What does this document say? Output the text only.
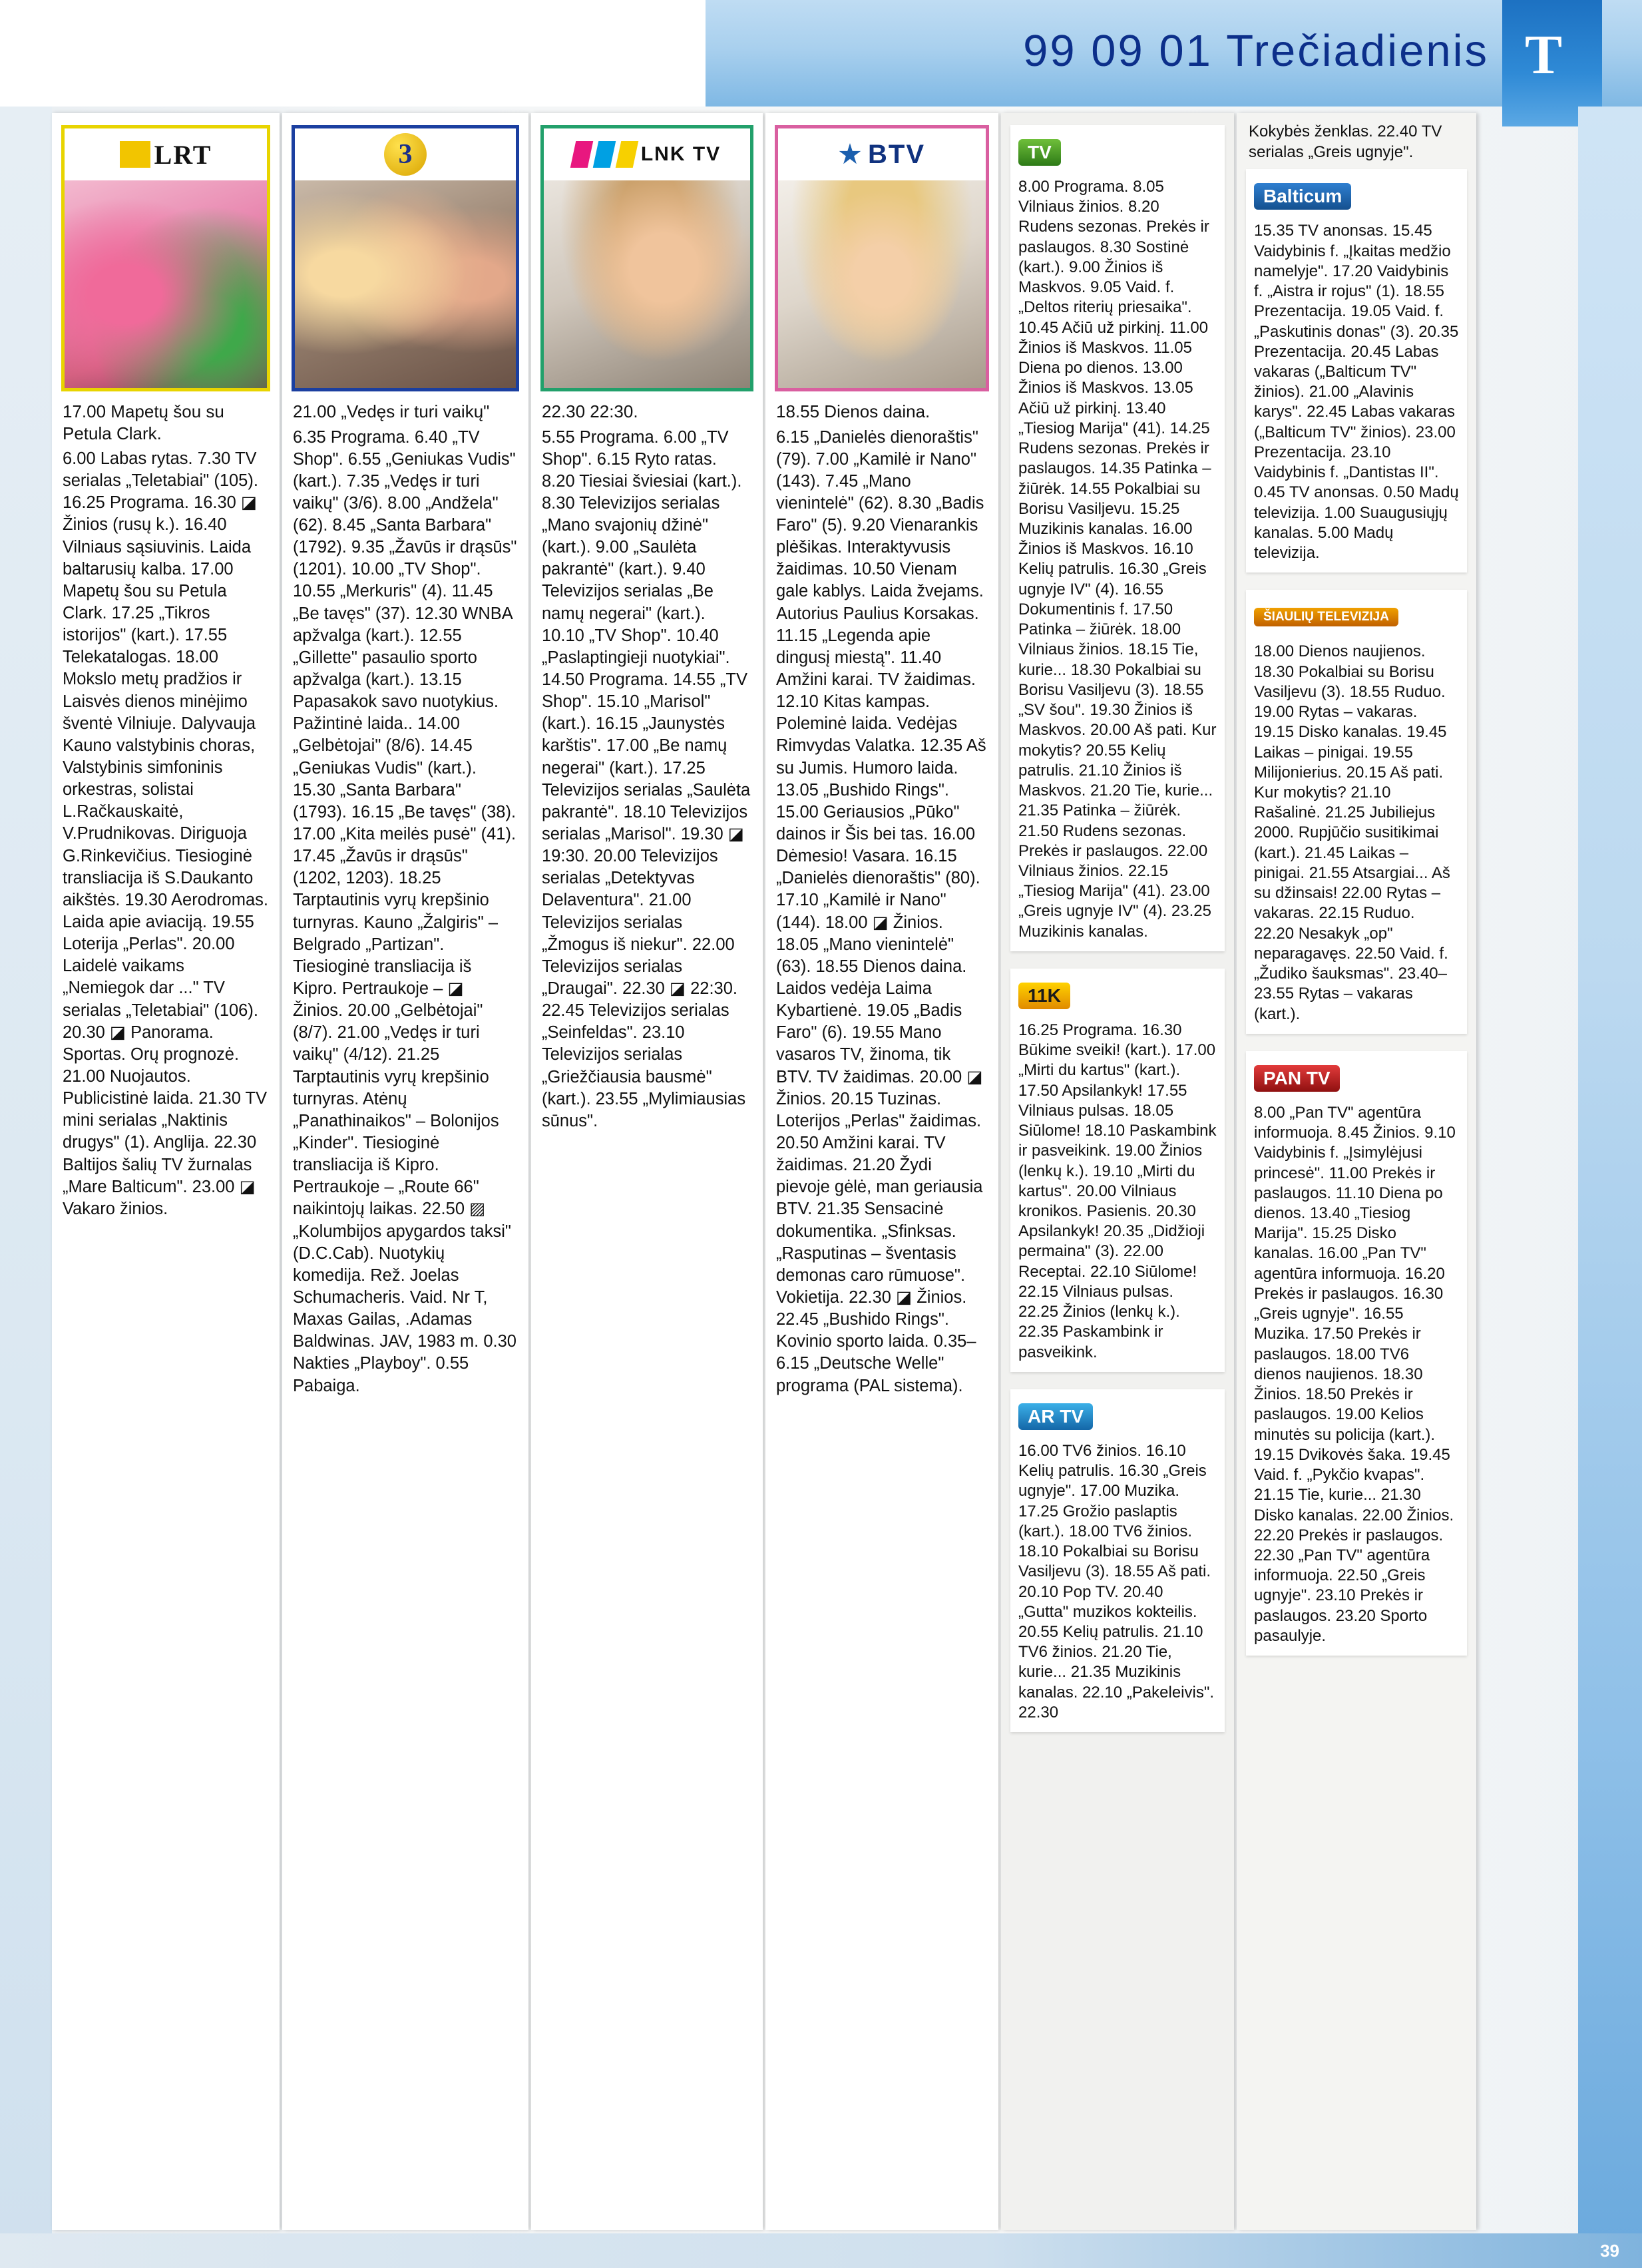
99 09 01 Trečiadienis T
LRT
17.00 Mapetų šou su Petula Clark.
6.00 Labas rytas. 7.30 TV serialas „Teletabiai" (105). 16.25 Programa. 16.30 ◪ Žinios (rusų k.). 16.40 Vilniaus sąsiuvinis. Laida baltarusių kalba. 17.00 Mapetų šou su Petula Clark. 17.25 „Tikros istorijos" (kart.). 17.55 Telekatalogas. 18.00 Mokslo metų pradžios ir Laisvės dienos minėjimo šventė Vilniuje. Dalyvauja Kauno valstybinis choras, Valstybinis simfoninis orkestras, solistai L.Račkauskaitė, V.Prudnikovas. Diriguoja G.Rinkevičius. Tiesioginė transliacija iš S.Daukanto aikštės. 19.30 Aerodromas. Laida apie aviaciją. 19.55 Loterija „Perlas". 20.00 Laidelė vaikams „Nemiegok dar ..." TV serialas „Teletabiai" (106). 20.30 ◪ Panorama. Sportas. Orų prognozė. 21.00 Nuojautos. Publicistinė laida. 21.30 TV mini serialas „Naktinis drugys" (1). Anglija. 22.30 Baltijos šalių TV žurnalas „Mare Balticum". 23.00 ◪ Vakaro žinios.
3
21.00 „Vedęs ir turi vaikų"
6.35 Programa. 6.40 „TV Shop". 6.55 „Geniukas Vudis" (kart.). 7.35 „Vedęs ir turi vaikų" (3/6). 8.00 „Andžela" (62). 8.45 „Santa Barbara" (1792). 9.35 „Žavūs ir drąsūs" (1201). 10.00 „TV Shop". 10.55 „Merkuris" (4). 11.45 „Be tavęs" (37). 12.30 WNBA apžvalga (kart.). 12.55 „Gillette" pasaulio sporto apžvalga (kart.). 13.15 Papasakok savo nuotykius. Pažintinė laida.. 14.00 „Gelbėtojai" (8/6). 14.45 „Geniukas Vudis" (kart.). 15.30 „Santa Barbara" (1793). 16.15 „Be tavęs" (38). 17.00 „Kita meilės pusė" (41). 17.45 „Žavūs ir drąsūs" (1202, 1203). 18.25 Tarptautinis vyrų krepšinio turnyras. Kauno „Žalgiris" – Belgrado „Partizan". Tiesioginė transliacija iš Kipro. Pertraukoje – ◪ Žinios. 20.00 „Gelbėtojai" (8/7). 21.00 „Vedęs ir turi vaikų" (4/12). 21.25 Tarptautinis vyrų krepšinio turnyras. Atėnų „Panathinaikos" – Bolonijos „Kinder". Tiesioginė transliacija iš Kipro. Pertraukoje – „Route 66" naikintojų laikas. 22.50 ▨ „Kolumbijos apygardos taksi" (D.C.Cab). Nuotykių komedija. Rež. Joelas Schumacheris. Vaid. Nr T, Maxas Gailas, .Adamas Baldwinas. JAV, 1983 m. 0.30 Nakties „Playboy". 0.55 Pabaiga.
LNK TV
22.30 22:30.
5.55 Programa. 6.00 „TV Shop". 6.15 Ryto ratas. 8.20 Tiesiai šviesiai (kart.). 8.30 Televizijos serialas „Mano svajonių džinė" (kart.). 9.00 „Saulėta pakrantė" (kart.). 9.40 Televizijos serialas „Be namų negerai" (kart.). 10.10 „TV Shop". 10.40 „Paslaptingieji nuotykiai". 14.50 Programa. 14.55 „TV Shop". 15.10 „Marisol" (kart.). 16.15 „Jaunystės karštis". 17.00 „Be namų negerai" (kart.). 17.25 Televizijos serialas „Saulėta pakrantė". 18.10 Televizijos serialas „Marisol". 19.30 ◪ 19:30. 20.00 Televizijos serialas „Detektyvas Delaventura". 21.00 Televizijos serialas „Žmogus iš niekur". 22.00 Televizijos serialas „Draugai". 22.30 ◪ 22:30. 22.45 Televizijos serialas „Seinfeldas". 23.10 Televizijos serialas „Griežčiausia bausmė" (kart.). 23.55 „Mylimiausias sūnus".
BTV
18.55 Dienos daina.
6.15 „Danielės dienoraštis" (79). 7.00 „Kamilė ir Nano" (143). 7.45 „Mano vienintelė" (62). 8.30 „Badis Faro" (5). 9.20 Vienarankis plėšikas. Interaktyvusis žaidimas. 10.50 Vienam gale kablys. Laida žvejams. Autorius Paulius Korsakas. 11.15 „Legenda apie dingusį miestą". 11.40 Amžini karai. TV žaidimas. 12.10 Kitas kampas. Poleminė laida. Vedėjas Rimvydas Valatka. 12.35 Aš su Jumis. Humoro laida. 13.05 „Bushido Rings". 15.00 Geriausios „Pūko" dainos ir Šis bei tas. 16.00 Dėmesio! Vasara. 16.15 „Danielės dienoraštis" (80). 17.10 „Kamilė ir Nano" (144). 18.00 ◪ Žinios. 18.05 „Mano vienintelė" (63). 18.55 Dienos daina. Laidos vedėja Laima Kybartienė. 19.05 „Badis Faro" (6). 19.55 Mano vasaros TV, žinoma, tik BTV. TV žaidimas. 20.00 ◪ Žinios. 20.15 Tuzinas. Loterijos „Perlas" žaidimas. 20.50 Amžini karai. TV žaidimas. 21.20 Žydi pievoje gėlė, man geriausia BTV. 21.35 Sensacinė dokumentika. „Sfinksas. „Rasputinas – šventasis demonas caro rūmuose". Vokietija. 22.30 ◪ Žinios. 22.45 „Bushido Rings". Kovinio sporto laida. 0.35–6.15 „Deutsche Welle" programa (PAL sistema).
TV
8.00 Programa. 8.05 Vilniaus žinios. 8.20 Rudens sezonas. Prekės ir paslaugos. 8.30 Sostinė (kart.). 9.00 Žinios iš Maskvos. 9.05 Vaid. f. „Deltos riterių priesaika". 10.45 Ačiū už pirkinį. 11.00 Žinios iš Maskvos. 11.05 Diena po dienos. 13.00 Žinios iš Maskvos. 13.05 Ačiū už pirkinį. 13.40 „Tiesiog Marija" (41). 14.25 Rudens sezonas. Prekės ir paslaugos. 14.35 Patinka – žiūrėk. 14.55 Pokalbiai su Borisu Vasiljevu. 15.25 Muzikinis kanalas. 16.00 Žinios iš Maskvos. 16.10 Kelių patrulis. 16.30 „Greis ugnyje IV" (4). 16.55 Dokumentinis f. 17.50 Patinka – žiūrėk. 18.00 Vilniaus žinios. 18.15 Tie, kurie... 18.30 Pokalbiai su Borisu Vasiljevu (3). 18.55 „SV šou". 19.30 Žinios iš Maskvos. 20.00 Aš pati. Kur mokytis? 20.55 Kelių patrulis. 21.10 Žinios iš Maskvos. 21.20 Tie, kurie... 21.35 Patinka – žiūrėk. 21.50 Rudens sezonas. Prekės ir paslaugos. 22.00 Vilniaus žinios. 22.15 „Tiesiog Marija" (41). 23.00 „Greis ugnyje IV" (4). 23.25 Muzikinis kanalas.
11K
16.25 Programa. 16.30 Būkime sveiki! (kart.). 17.00 „Mirti du kartus" (kart.). 17.50 Apsilankyk! 17.55 Vilniaus pulsas. 18.05 Siūlome! 18.10 Paskambink ir pasveikink. 19.00 Žinios (lenkų k.). 19.10 „Mirti du kartus". 20.00 Vilniaus kronikos. Pasienis. 20.30 Apsilankyk! 20.35 „Didžioji permaina" (3). 22.00 Receptai. 22.10 Siūlome! 22.15 Vilniaus pulsas. 22.25 Žinios (lenkų k.). 22.35 Paskambink ir pasveikink.
AR TV
16.00 TV6 žinios. 16.10 Kelių patrulis. 16.30 „Greis ugnyje". 17.00 Muzika. 17.25 Grožio paslaptis (kart.). 18.00 TV6 žinios. 18.10 Pokalbiai su Borisu Vasiljevu (3). 18.55 Aš pati. 20.10 Pop TV. 20.40 „Gutta" muzikos kokteilis. 20.55 Kelių patrulis. 21.10 TV6 žinios. 21.20 Tie, kurie... 21.35 Muzikinis kanalas. 22.10 „Pakeleivis". 22.30
Kokybės ženklas. 22.40 TV serialas „Greis ugnyje".
Balticum
15.35 TV anonsas. 15.45 Vaidybinis f. „Įkaitas medžio namelyje". 17.20 Vaidybinis f. „Aistra ir rojus" (1). 18.55 Prezentacija. 19.05 Vaid. f. „Paskutinis donas" (3). 20.35 Prezentacija. 20.45 Labas vakaras („Balticum TV" žinios). 21.00 „Alavinis karys". 22.45 Labas vakaras („Balticum TV" žinios). 23.00 Prezentacija. 23.10 Vaidybinis f. „Dantistas II". 0.45 TV anonsas. 0.50 Madų televizija. 1.00 Suaugusiųjų kanalas. 5.00 Madų televizija.
ŠIAULIŲ TELEVIZIJA
18.00 Dienos naujienos. 18.30 Pokalbiai su Borisu Vasiljevu (3). 18.55 Ruduo. 19.00 Rytas – vakaras. 19.15 Disko kanalas. 19.45 Laikas – pinigai. 19.55 Milijonierius. 20.15 Aš pati. Kur mokytis? 21.10 Rašalinė. 21.25 Jubiliejus 2000. Rupjūčio susitikimai (kart.). 21.45 Laikas – pinigai. 21.55 Atsargiai... Aš su džinsais! 22.00 Rytas – vakaras. 22.15 Ruduo. 22.20 Nesakyk „op" neparagavęs. 22.50 Vaid. f. „Žudiko šauksmas". 23.40–23.55 Rytas – vakaras (kart.).
PAN TV
8.00 „Pan TV" agentūra informuoja. 8.45 Žinios. 9.10 Vaidybinis f. „Įsimylėjusi princesė". 11.00 Prekės ir paslaugos. 11.10 Diena po dienos. 13.40 „Tiesiog Marija". 15.25 Disko kanalas. 16.00 „Pan TV" agentūra informuoja. 16.20 Prekės ir paslaugos. 16.30 „Greis ugnyje". 16.55 Muzika. 17.50 Prekės ir paslaugos. 18.00 TV6 dienos naujienos. 18.30 Žinios. 18.50 Prekės ir paslaugos. 19.00 Kelios minutės su policija (kart.). 19.15 Dvikovės šaka. 19.45 Vaid. f. „Pykčio kvapas". 21.15 Tie, kurie... 21.30 Disko kanalas. 22.00 Žinios. 22.20 Prekės ir paslaugos. 22.30 „Pan TV" agentūra informuoja. 22.50 „Greis ugnyje". 23.10 Prekės ir paslaugos. 23.20 Sporto pasaulyje.
39
